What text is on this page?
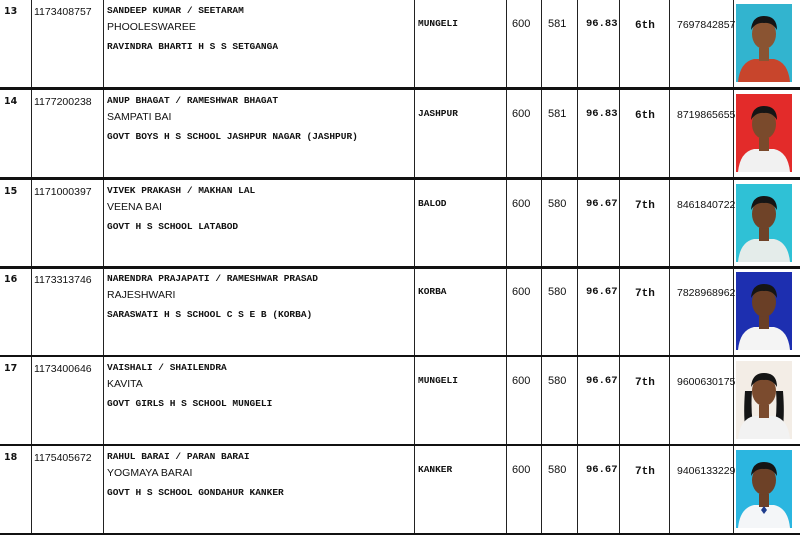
13	1173408757	SANDEEP KUMAR / SEETARAM
PHOOLESWAREE
RAVINDRA BHARTI H S S SETGANGA
MUNGELI	600	581	96.83	6th	7697842857
14	1177200238	ANUP BHAGAT / RAMESHWAR BHAGAT
SAMPATI BAI
GOVT BOYS H S SCHOOL JASHPUR NAGAR (JASHPUR)
JASHPUR	600	581	96.83	6th	8719865655
15	1171000397	VIVEK PRAKASH / MAKHAN LAL
VEENA BAI
GOVT H S SCHOOL LATABOD
BALOD	600	580	96.67	7th	8461840722
16	1173313746	NARENDRA PRAJAPATI / RAMESHWAR PRASAD
RAJESHWARI
SARASWATI H S SCHOOL C S E B (KORBA)
KORBA	600	580	96.67	7th	7828968962
17	1173400646	VAISHALI / SHAILENDRA
KAVITA
GOVT GIRLS H S SCHOOL MUNGELI
MUNGELI	600	580	96.67	7th	9600630175
18	1175405672	RAHUL BARAI / PARAN BARAI
YOGMAYA BARAI
GOVT H S SCHOOL GONDAHUR KANKER
KANKER	600	580	96.67	7th	9406133229
